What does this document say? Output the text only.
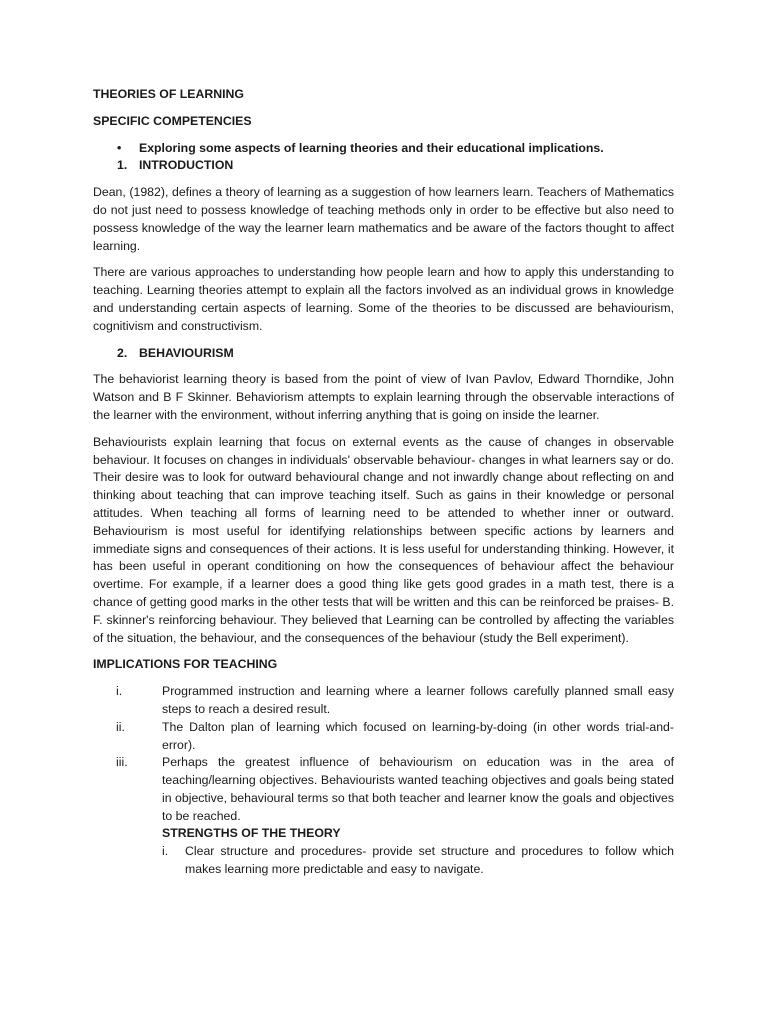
THEORIES OF LEARNING
SPECIFIC COMPETENCIES
•	Exploring some aspects of learning theories and their educational implications.
1. INTRODUCTION

Dean, (1982), defines a theory of learning as a suggestion of how learners learn. Teachers of Mathematics do not just need to possess knowledge of teaching methods only in order to be effective but also need to possess knowledge of the way the learner learn mathematics and be aware of the factors thought to affect learning.

There are various approaches to understanding how people learn and how to apply this understanding to teaching. Learning theories attempt to explain all the factors involved as an individual grows in knowledge and understanding certain aspects of learning. Some of the theories to be discussed are behaviourism, cognitivism and constructivism.

2. BEHAVIOURISM

The behaviorist learning theory is based from the point of view of Ivan Pavlov, Edward Thorndike, John Watson and B F Skinner. Behaviorism attempts to explain learning through the observable interactions of the learner with the environment, without inferring anything that is going on inside the learner.

Behaviourists explain learning that focus on external events as the cause of changes in observable behaviour. It focuses on changes in individuals' observable behaviour- changes in what learners say or do. Their desire was to look for outward behavioural change and not inwardly change about reflecting on and thinking about teaching that can improve teaching itself. Such as gains in their knowledge or personal attitudes. When teaching all forms of learning need to be attended to whether inner or outward. Behaviourism is most useful for identifying relationships between specific actions by learners and immediate signs and consequences of their actions. It is less useful for understanding thinking. However, it has been useful in operant conditioning on how the consequences of behaviour affect the behaviour overtime. For example, if a learner does a good thing like gets good grades in a math test, there is a chance of getting good marks in the other tests that will be written and this can be reinforced be praises- B. F. skinner's reinforcing behaviour. They believed that Learning can be controlled by affecting the variables of the situation, the behaviour, and the consequences of the behaviour (study the Bell experiment).

IMPLICATIONS FOR TEACHING
i.	Programmed instruction and learning where a learner follows carefully planned small easy steps to reach a desired result.
ii.	The Dalton plan of learning which focused on learning-by-doing (in other words trial-and-error).
iii.	Perhaps the greatest influence of behaviourism on education was in the area of teaching/learning objectives. Behaviourists wanted teaching objectives and goals being stated in objective, behavioural terms so that both teacher and learner know the goals and objectives to be reached.
STRENGTHS OF THE THEORY
i.	Clear structure and procedures- provide set structure and procedures to follow which makes learning more predictable and easy to navigate.
